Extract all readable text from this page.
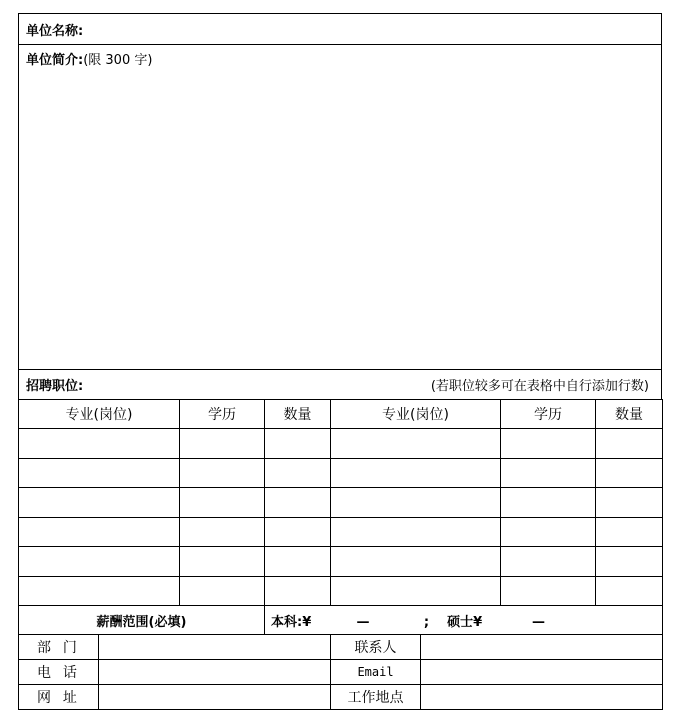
单位名称:
单位简介:(限 300 字)
招聘职位:	(若职位较多可在表格中自行添加行数)
专业(岗位)	学历	数量	专业(岗位)	学历	数量

薪酬范围(必填)	本科:¥          —            ;    硕士¥           —
部  门		联系人	
电  话		Email	
网  址		工作地点	
